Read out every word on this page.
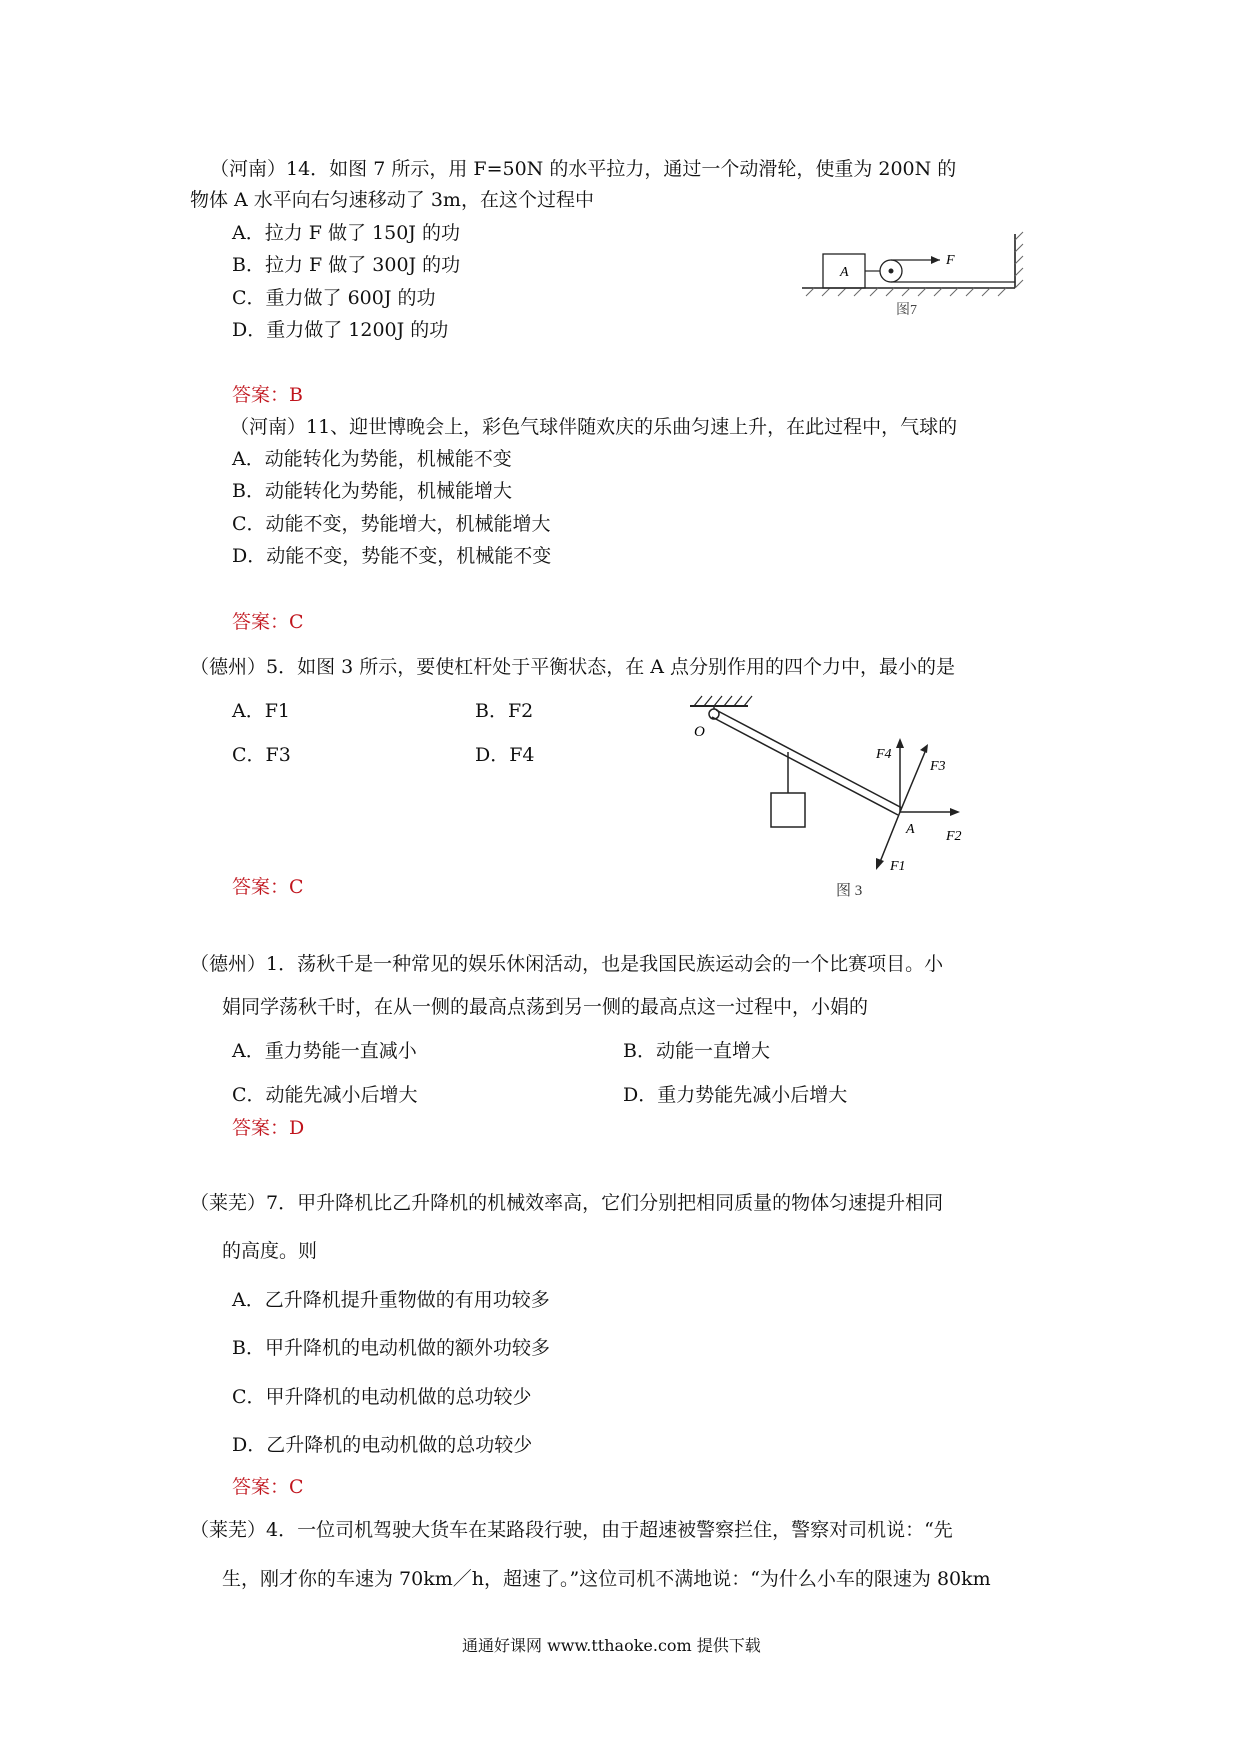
（河南）14．如图 7 所示，用 F=50N 的水平拉力，通过一个动滑轮，使重为 200N 的
物体 A 水平向右匀速移动了 3m，在这个过程中
A．拉力 F 做了 150J 的功
B．拉力 F 做了 300J 的功
C．重力做了 600J 的功
D．重力做了 1200J 的功
A
F
图7
答案：B
（河南）11、迎世博晚会上，彩色气球伴随欢庆的乐曲匀速上升，在此过程中，气球的
A．动能转化为势能，机械能不变
B．动能转化为势能，机械能增大
C．动能不变，势能增大，机械能增大
D．动能不变，势能不变，机械能不变
答案：C
（德州）5．如图 3 所示，要使杠杆处于平衡状态，在 A 点分别作用的四个力中，最小的是
A．F1	B．F2
C．F3	D．F4
O
F4
F3
A F2
F1
图 3
答案：C
（德州）1．荡秋千是一种常见的娱乐休闲活动，也是我国民族运动会的一个比赛项目。小
娟同学荡秋千时，在从一侧的最高点荡到另一侧的最高点这一过程中，小娟的
A．重力势能一直减小	B．动能一直增大
C．动能先减小后增大	D．重力势能先减小后增大
答案：D
（莱芜）7．甲升降机比乙升降机的机械效率高，它们分别把相同质量的物体匀速提升相同
的高度。则
A．乙升降机提升重物做的有用功较多
B．甲升降机的电动机做的额外功较多
C．甲升降机的电动机做的总功较少
D．乙升降机的电动机做的总功较少
答案：C
（莱芜）4．一位司机驾驶大货车在某路段行驶，由于超速被警察拦住，警察对司机说：“先
生，刚才你的车速为 70km／h，超速了。”这位司机不满地说：“为什么小车的限速为 80km
通通好课网 www.tthaoke.com 提供下载
